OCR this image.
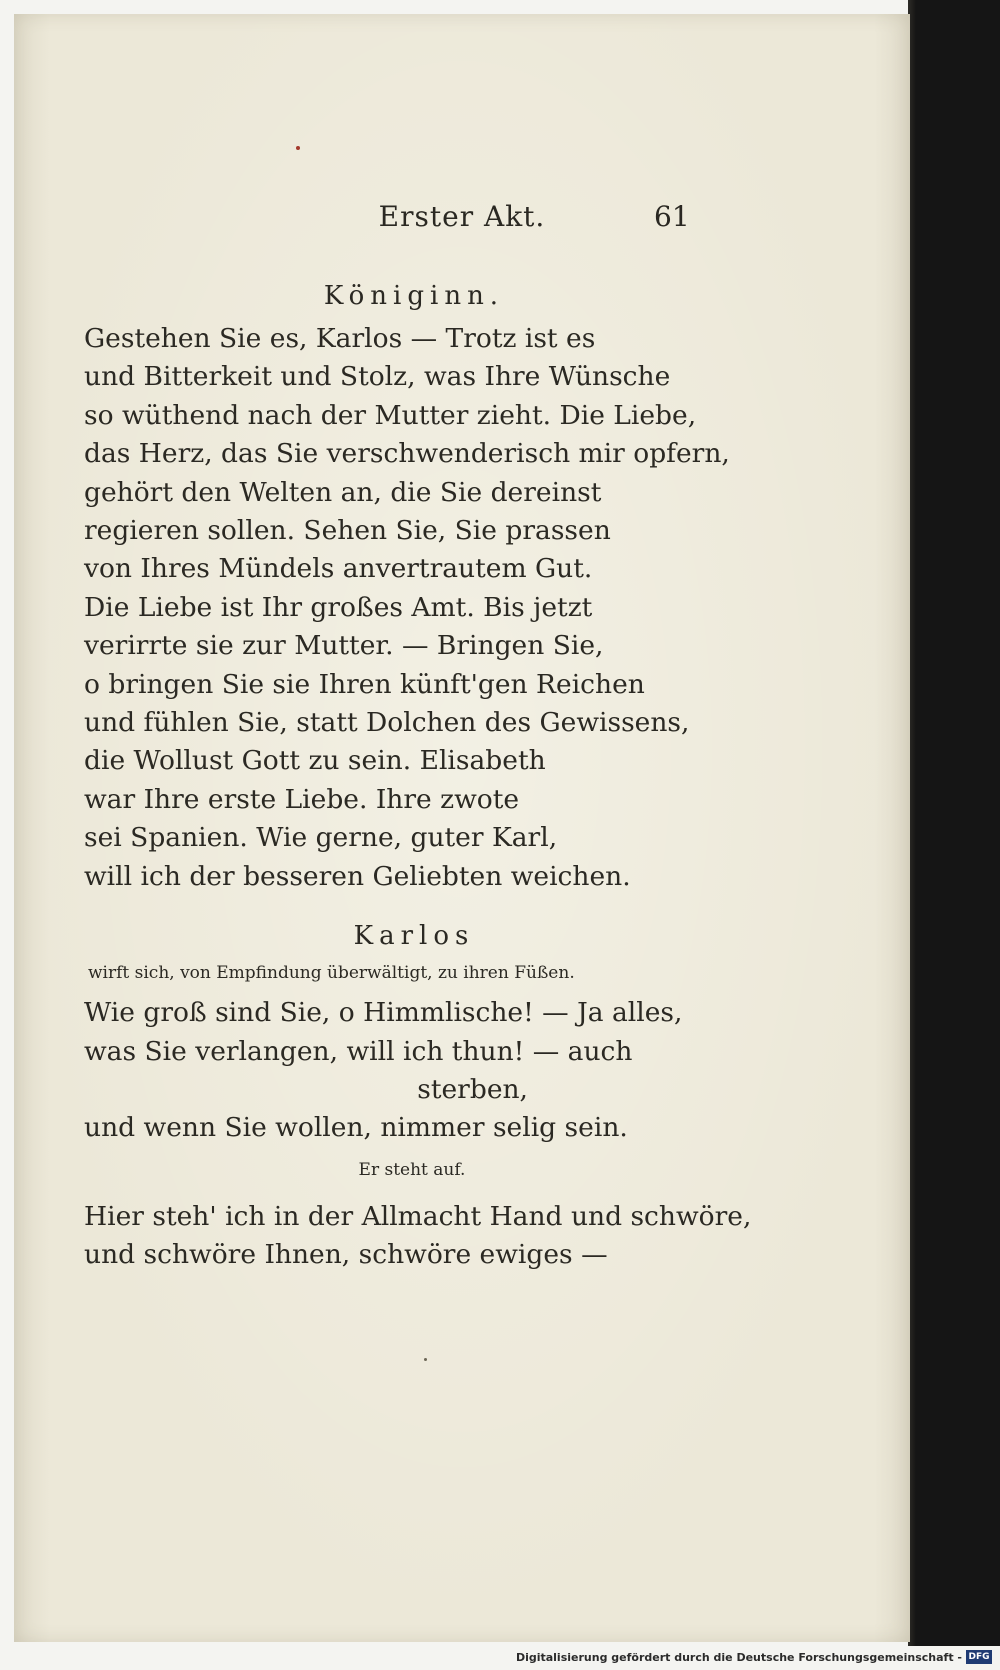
Erster Akt.	61
Königinn.
Gestehen Sie es, Karlos — Trotz ist es
und Bitterkeit und Stolz, was Ihre Wünsche
so wüthend nach der Mutter zieht. Die Liebe,
das Herz, das Sie verschwenderisch mir opfern,
gehört den Welten an, die Sie dereinst
regieren sollen. Sehen Sie, Sie prassen
von Ihres Mündels anvertrautem Gut.
Die Liebe ist Ihr großes Amt. Bis jetzt
verirrte sie zur Mutter. — Bringen Sie,
o bringen Sie sie Ihren künft'gen Reichen
und fühlen Sie, statt Dolchen des Gewissens,
die Wollust Gott zu sein. Elisabeth
war Ihre erste Liebe. Ihre zwote
sei Spanien. Wie gerne, guter Karl,
will ich der besseren Geliebten weichen.
Karlos
wirft sich, von Empfindung überwältigt, zu ihren Füßen.
Wie groß sind Sie, o Himmlische! — Ja alles,
was Sie verlangen, will ich thun! — auch
sterben,
und wenn Sie wollen, nimmer selig sein.
Er steht auf.
Hier steh' ich in der Allmacht Hand und schwöre,
und schwöre Ihnen, schwöre ewiges —
Digitalisierung gefördert durch die Deutsche Forschungsgemeinschaft - DFG
